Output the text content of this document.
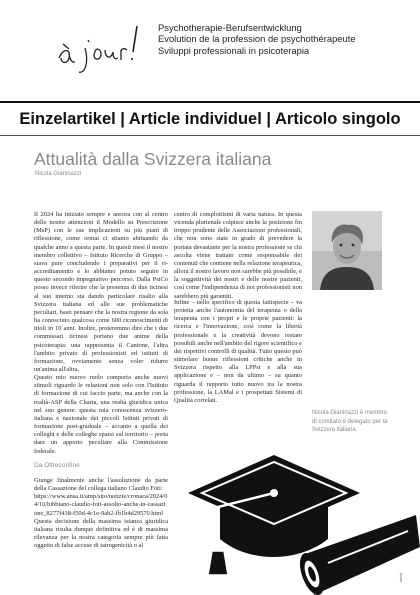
Psychotherapie-Berufsentwicklung
Evolution de la profession de psychothérapeute
Sviluppi professionali in psicoterapia
Einzelartikel | Article individuel | Articolo singolo
Attualità dalla Svizzera italiana
Nicola Gianinazzi

Il 2024 ha iniziato sempre e ancora con al centro delle nostre attenzioni il Modello su Prescrizione (MsP) con le sue implicazioni su più piani di riflessione, come ormai ci stiamo abituando da qualche anno a questa parte. In questi mesi il nostro membro collettivo – Istituto Ricerche di Gruppo – stava pure concludendo i preparativi per il ri-accreditamento e lo abbiamo potuto seguire in questo secondo impegnativo percorso. Dalla PsiCo posso invece riferire che la presenza di due ticinesi al suo interno sta dando particolare risalto alla Svizzera italiana ed alle sue problematiche peculiari, basti pensare che la nostra regione da sola ha conosciuto qualcosa come 600 riconoscimenti di titoli in 10 anni. Inoltre, proteremmo dire che i due commissari ticinesi portano due anime della psicoterapia: una rappresenta il Cantone, l'altra l'ambito privato di professionisti ed istituti di formazione, ovviamente senza voler ridurre un'anima all'altra.

Questo mio nuovo ruolo comporta anche nuovi stimoli riguardo le relazioni non solo con l'Istituto di formazione di cui faccio parte, ma anche con la realtà-ASP della Charta, una realtà giuridica unica nel suo genere: questa mia conoscenza svizzero-italiana e nazionale dei piccoli Istituti privati di formazione post-graduale – accanto a quella dei colleghi e delle colleghe sparsi sul territorio – porta dare un apporto peculiare alla Commissione federale.

Da Oltreconfine

Giunge finalmente anche l'assoluzione da parte della Cassazione del collega italiano Claudio Foti:

https://www.ansa.it/amp/sito/notizie/cronaca/2024/04/10/bibbiano-claudio-foti-assolto-anche-in-cassazione_8277f438-f50d-4c1e-9ab2-fb1b4d29570.html

Questa decisione della massima istanza giuridica italiana risulta dunque definitiva ed è di massima rilevanza per la nostra categoria sempre più fatta oggetto di false accuse di iatrogenicità o al

centro di complottismi di varia natura. In questa vicenda plurienale colpisce anche la posizione fin troppo prudente delle Associazioni professionali, che non sono state in grado di prevedere la portata devastante per la nostra professione se chi ascolta viene trattato come responsabile dei contenuti che contiene nella relazione terapeutica, allora il nostro lavoro non sarebbe più possibile, e la soggettività dei nostri e delle nostre pazienti, così come l'indipendenza di noi professionisti non sarebbero più garantiti.

Infine – nello specifico di questa fattispecie – va protetta anche l'autonomia del terapeuta o della terapeuta con i propri e le proprie pazienti: la ricerca e l'innovazione, così come la libertà professionale e la creatività devono restare possibili anche nell'ambito del rigore scientifico e dei rispettivi controlli di qualità. Tutto questo può stimolare buone riflessioni critiche anche in Svizzera rispetto alla LPPsi e alla sua applicazione e – non da ultimo – su quanto riguarda il rapporto tutto nuovo tra la nostra professione, la LAMal e i prospettati Sistemi di Qualità correlati.

Nicola Gianinazzi è membro di comitato e delegato per la Svizzera italiana.
stock
